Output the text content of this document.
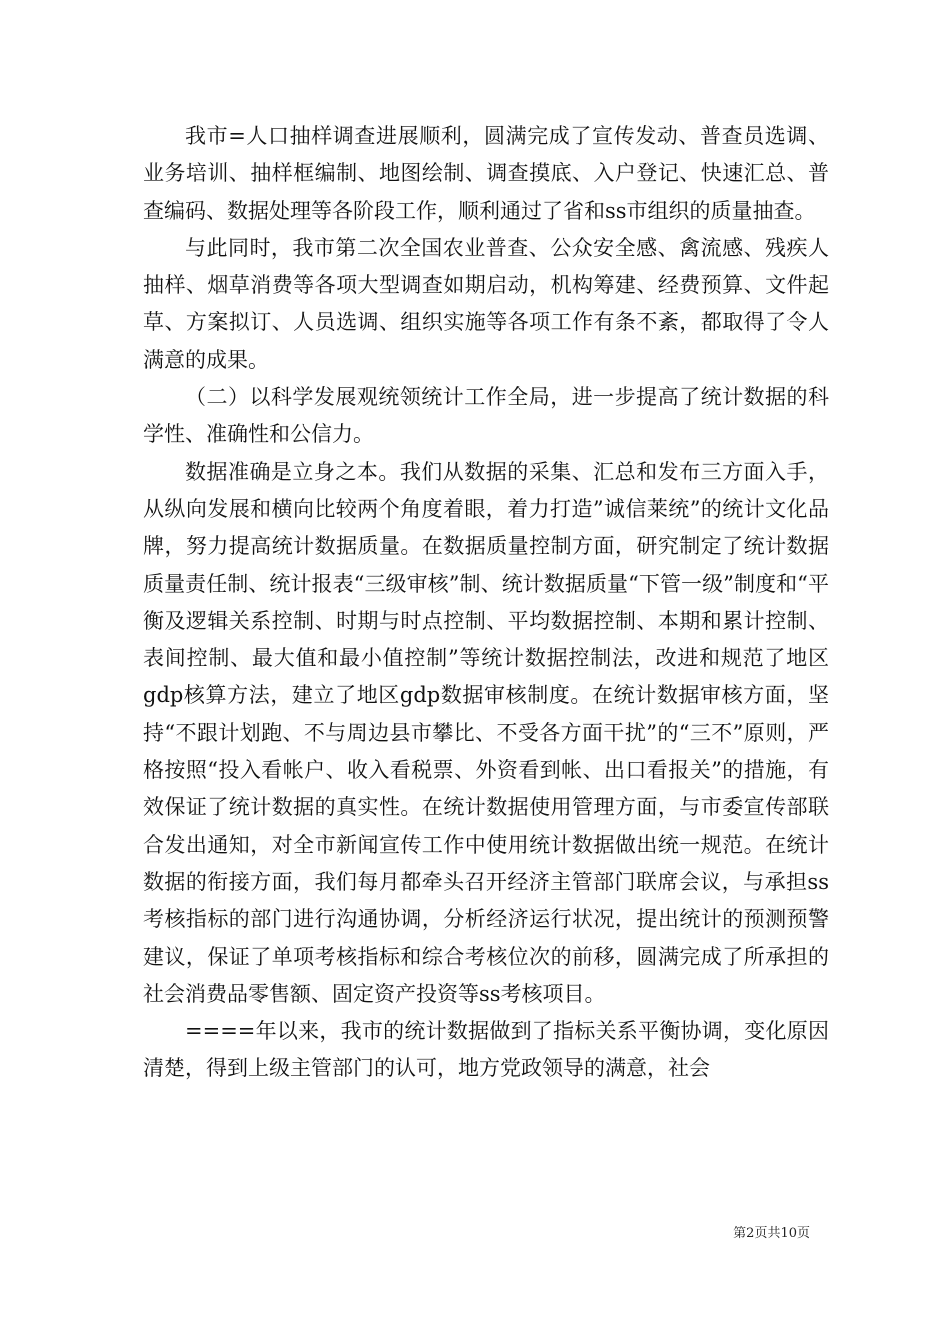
我市=人口抽样调查进展顺利，圆满完成了宣传发动、普查员选调、业务培训、抽样框编制、地图绘制、调查摸底、入户登记、快速汇总、普查编码、数据处理等各阶段工作，顺利通过了省和ss市组织的质量抽查。

与此同时，我市第二次全国农业普查、公众安全感、禽流感、残疾人抽样、烟草消费等各项大型调查如期启动，机构筹建、经费预算、文件起草、方案拟订、人员选调、组织实施等各项工作有条不紊，都取得了令人满意的成果。

（二）以科学发展观统领统计工作全局，进一步提高了统计数据的科学性、准确性和公信力。

数据准确是立身之本。我们从数据的采集、汇总和发布三方面入手，从纵向发展和横向比较两个角度着眼，着力打造”诚信莱统”的统计文化品牌，努力提高统计数据质量。在数据质量控制方面，研究制定了统计数据质量责任制、统计报表“三级审核”制、统计数据质量“下管一级”制度和“平衡及逻辑关系控制、时期与时点控制、平均数据控制、本期和累计控制、表间控制、最大值和最小值控制”等统计数据控制法，改进和规范了地区gdp核算方法，建立了地区gdp数据审核制度。在统计数据审核方面，坚持“不跟计划跑、不与周边县市攀比、不受各方面干扰”的“三不”原则，严格按照“投入看帐户、收入看税票、外资看到帐、出口看报关”的措施，有效保证了统计数据的真实性。在统计数据使用管理方面，与市委宣传部联合发出通知，对全市新闻宣传工作中使用统计数据做出统一规范。在统计数据的衔接方面，我们每月都牵头召开经济主管部门联席会议，与承担ss考核指标的部门进行沟通协调，分析经济运行状况，提出统计的预测预警建议，保证了单项考核指标和综合考核位次的前移，圆满完成了所承担的社会消费品零售额、固定资产投资等ss考核项目。

====年以来，我市的统计数据做到了指标关系平衡协调，变化原因清楚，得到上级主管部门的认可，地方党政领导的满意，社会

第2页共10页
